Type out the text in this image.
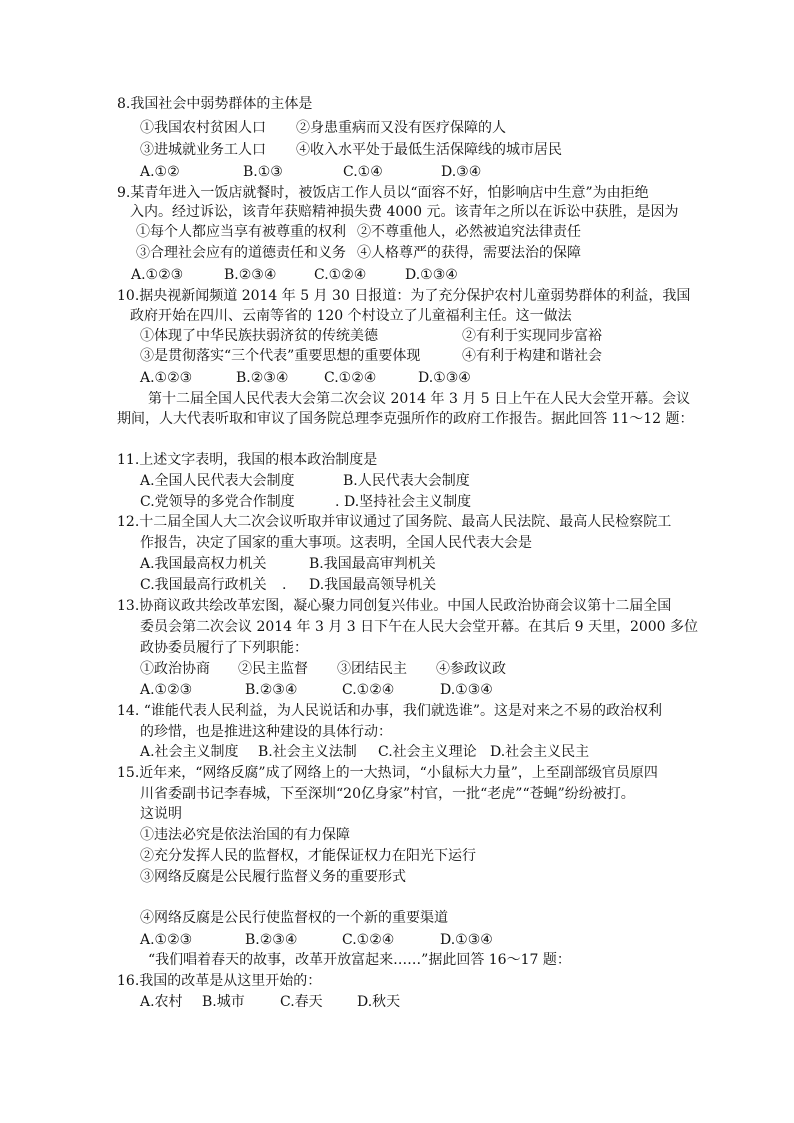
8.我国社会中弱势群体的主体是
①我国农村贫困人口 ②身患重病而又没有医疗保障的人
③进城就业务工人口 ④收入水平处于最低生活保障线的城市居民
A.①②	B.①③	C.①④	D.③④
9.某青年进入一饭店就餐时，被饭店工作人员以“面容不好，怕影响店中生意”为由拒绝
入内。经过诉讼，该青年获赔精神损失费 4000 元。该青年之所以在诉讼中获胜，是因为
①每个人都应当享有被尊重的权利 ②不尊重他人，必然被追究法律责任
③合理社会应有的道德责任和义务 ④人格尊严的获得，需要法治的保障
A.①②③	B.②③④	C.①②④	D.①③④
10.据央视新闻频道 2014 年 5 月 30 日报道：为了充分保护农村儿童弱势群体的利益，我国
政府开始在四川、云南等省的 120 个村设立了儿童福利主任。这一做法
①体现了中华民族扶弱济贫的传统美德	②有利于实现同步富裕
③是贯彻落实“三个代表”重要思想的重要体现	④有利于构建和谐社会
A.①②③	B.②③④	C.①②④	D.①③④
第十二届全国人民代表大会第二次会议 2014 年 3 月 5 日上午在人民大会堂开幕。会议
期间，人大代表听取和审议了国务院总理李克强所作的政府工作报告。据此回答 11～12 题：
11.上述文字表明，我国的根本政治制度是
A.全国人民代表大会制度	B.人民代表大会制度
C.党领导的多党合作制度	. D.坚持社会主义制度
12.十二届全国人大二次会议听取并审议通过了国务院、最高人民法院、最高人民检察院工
作报告，决定了国家的重大事项。这表明，全国人民代表大会是
A.我国最高权力机关	B.我国最高审判机关
C.我国最高行政机关 . D.我国最高领导机关
13.协商议政共绘改革宏图，凝心聚力同创复兴伟业。中国人民政治协商会议第十二届全国
委员会第二次会议 2014 年 3 月 3 日下午在人民大会堂开幕。在其后 9 天里，2000 多位
政协委员履行了下列职能：
①政治协商 ②民主监督 ③团结民主 ④参政议政
A.①②③	B.②③④	C.①②④	D.①③④
14. “谁能代表人民利益，为人民说话和办事，我们就选谁”。这是对来之不易的政治权利
的珍惜，也是推进这种建设的具体行动：
A.社会主义制度 B.社会主义法制 C.社会主义理论 D.社会主义民主
15.近年来，“网络反腐”成了网络上的一大热词，“小鼠标大力量”，上至副部级官员原四
川省委副书记李春城，下至深圳“20亿身家”村官，一批“老虎”“苍蝇”纷纷被打。
这说明
①违法必究是依法治国的有力保障
②充分发挥人民的监督权，才能保证权力在阳光下运行
③网络反腐是公民履行监督义务的重要形式
④网络反腐是公民行使监督权的一个新的重要渠道
A.①②③	B.②③④	C.①②④	D.①③④
“我们唱着春天的故事，改革开放富起来……”据此回答 16～17 题：
16.我国的改革是从这里开始的：
A.农村 B.城市	C.春天 D.秋天
